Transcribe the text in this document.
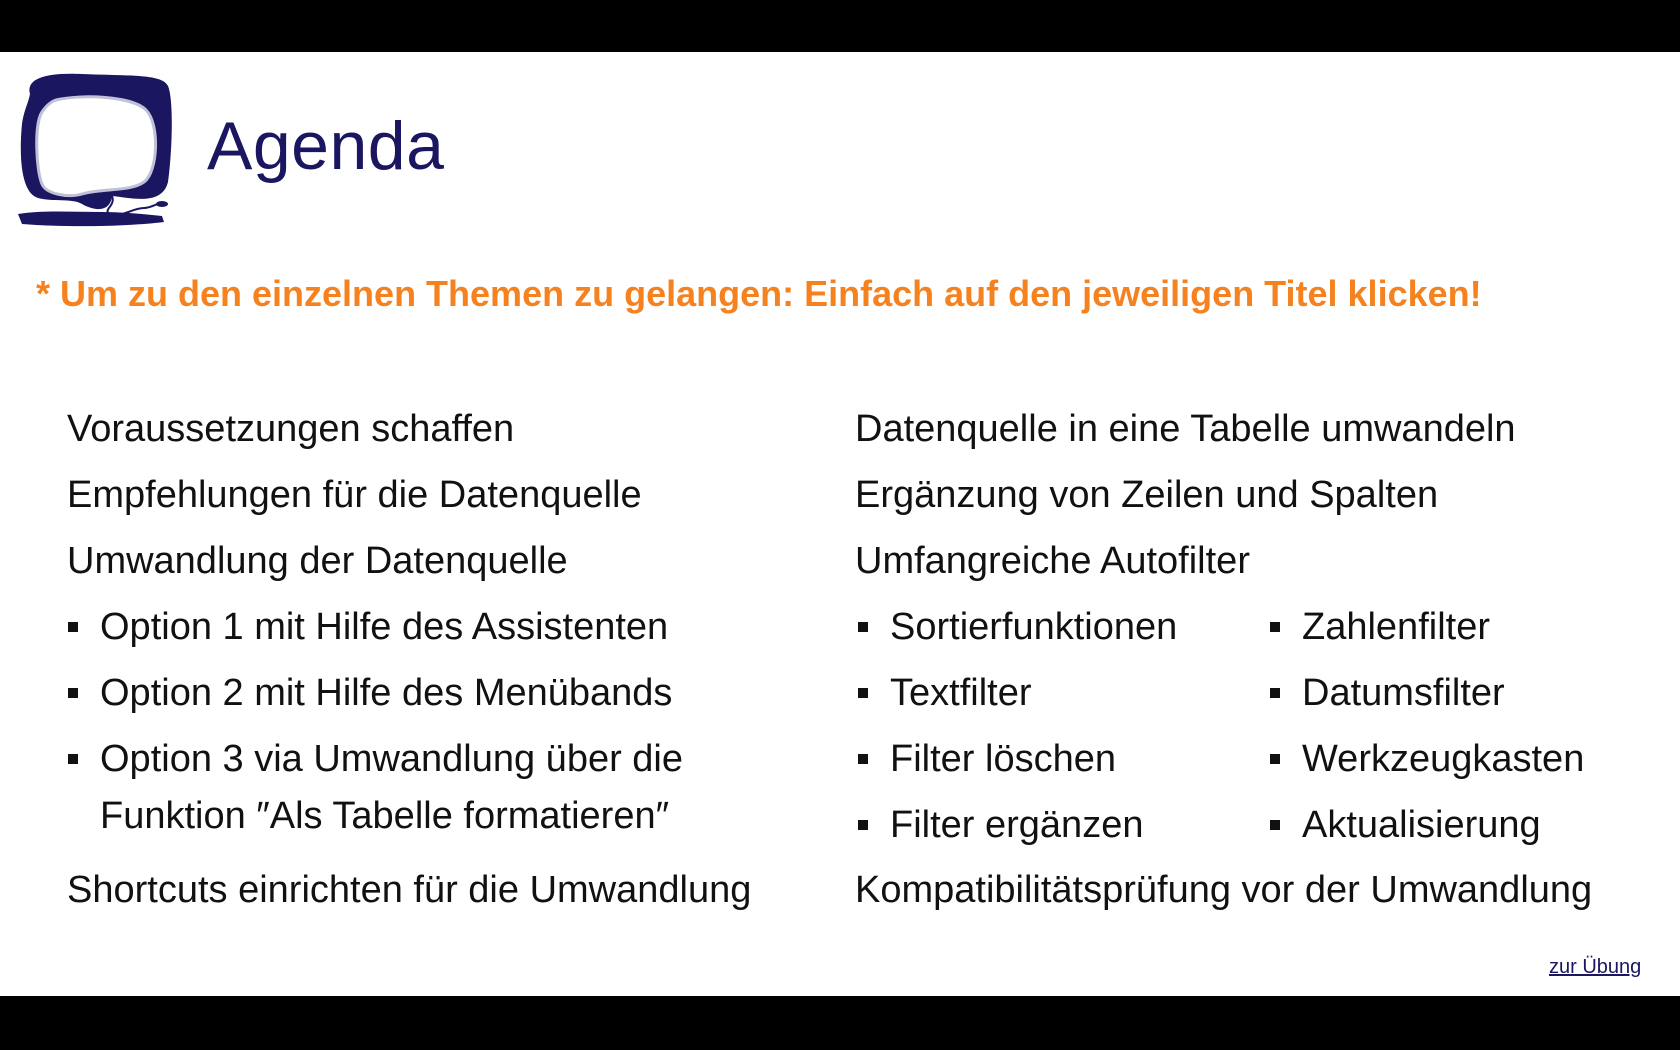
Agenda
* Um zu den einzelnen Themen zu gelangen: Einfach auf den jeweiligen Titel klicken!
Voraussetzungen schaffen
Empfehlungen für die Datenquelle
Umwandlung der Datenquelle
Option 1 mit Hilfe des Assistenten
Option 2 mit Hilfe des Menübands
Option 3 via Umwandlung über die
Funktion ″Als Tabelle formatieren″
Shortcuts einrichten für die Umwandlung
Datenquelle in eine Tabelle umwandeln
Ergänzung von Zeilen und Spalten
Umfangreiche Autofilter
Sortierfunktionen
Textfilter
Filter löschen
Filter ergänzen
Zahlenfilter
Datumsfilter
Werkzeugkasten
Aktualisierung
Kompatibilitätsprüfung vor der Umwandlung
zur Übung
